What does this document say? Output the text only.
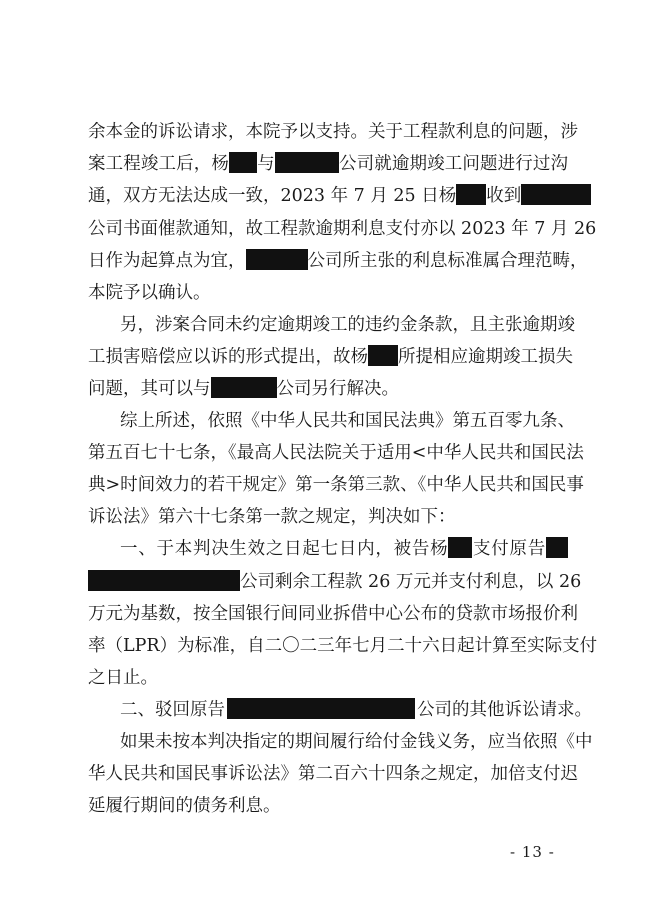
余本金的诉讼请求，本院予以支持。关于工程款利息的问题，涉
案工程竣工后，杨 与	公司就逾期竣工问题进行过沟
通，双方无法达成一致，2023 年 7 月 25 日杨 收到
公司书面催款通知，故工程款逾期利息支付亦以 2023 年 7 月 26
日作为起算点为宜，	公司所主张的利息标准属合理范畴，
本院予以确认。
另，涉案合同未约定逾期竣工的违约金条款，且主张逾期竣
工损害赔偿应以诉的形式提出，故杨 所提相应逾期竣工损失
问题，其可以与	公司另行解决。
综上所述，依照《中华人民共和国民法典》第五百零九条、
第五百七十七条，《最高人民法院关于适用<中华人民共和国民法
典>时间效力的若干规定》第一条第三款、《中华人民共和国民事
诉讼法》第六十七条第一款之规定，判决如下：
一、于本判决生效之日起七日内，被告杨 支付原告
公司剩余工程款 26 万元并支付利息，以 26
万元为基数，按全国银行间同业拆借中心公布的贷款市场报价利
率（LPR）为标准，自二〇二三年七月二十六日起计算至实际支付
之日止。
二、驳回原告	公司的其他诉讼请求。
如果未按本判决指定的期间履行给付金钱义务，应当依照《中
华人民共和国民事诉讼法》第二百六十四条之规定，加倍支付迟
延履行期间的债务利息。
- 13 -
